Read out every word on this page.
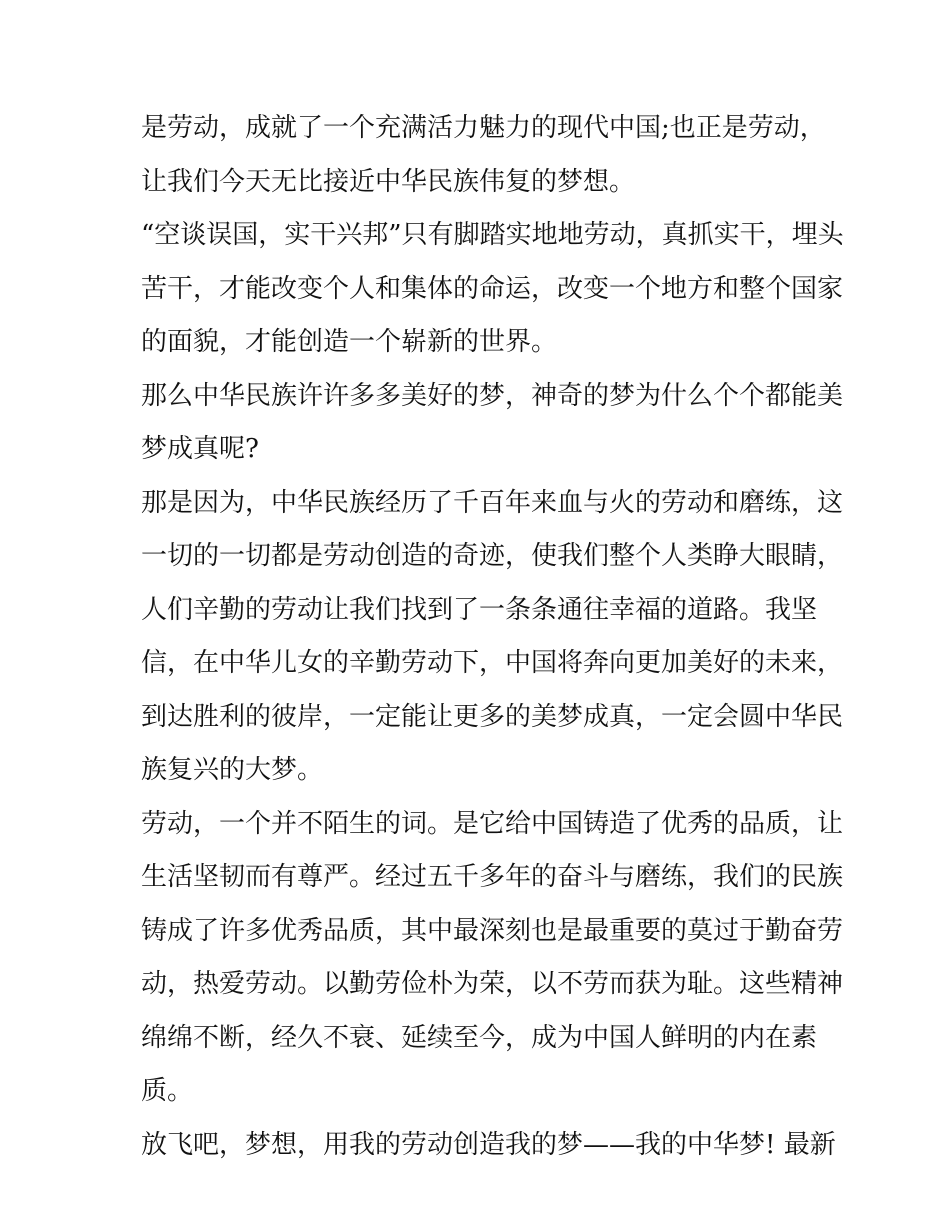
是劳动，成就了一个充满活力魅力的现代中国;也正是劳动，
让我们今天无比接近中华民族伟复的梦想。
“空谈误国，实干兴邦”只有脚踏实地地劳动，真抓实干，埋头
苦干，才能改变个人和集体的命运，改变一个地方和整个国家
的面貌，才能创造一个崭新的世界。
那么中华民族许许多多美好的梦，神奇的梦为什么个个都能美
梦成真呢?
那是因为，中华民族经历了千百年来血与火的劳动和磨练，这
一切的一切都是劳动创造的奇迹，使我们整个人类睁大眼睛，
人们辛勤的劳动让我们找到了一条条通往幸福的道路。我坚
信，在中华儿女的辛勤劳动下，中国将奔向更加美好的未来，
到达胜利的彼岸，一定能让更多的美梦成真，一定会圆中华民
族复兴的大梦。
劳动，一个并不陌生的词。是它给中国铸造了优秀的品质，让
生活坚韧而有尊严。经过五千多年的奋斗与磨练，我们的民族
铸成了许多优秀品质，其中最深刻也是最重要的莫过于勤奋劳
动，热爱劳动。以勤劳俭朴为荣，以不劳而获为耻。这些精神
绵绵不断，经久不衰、延续至今，成为中国人鲜明的内在素
质。
放飞吧，梦想，用我的劳动创造我的梦——我的中华梦! 最新
